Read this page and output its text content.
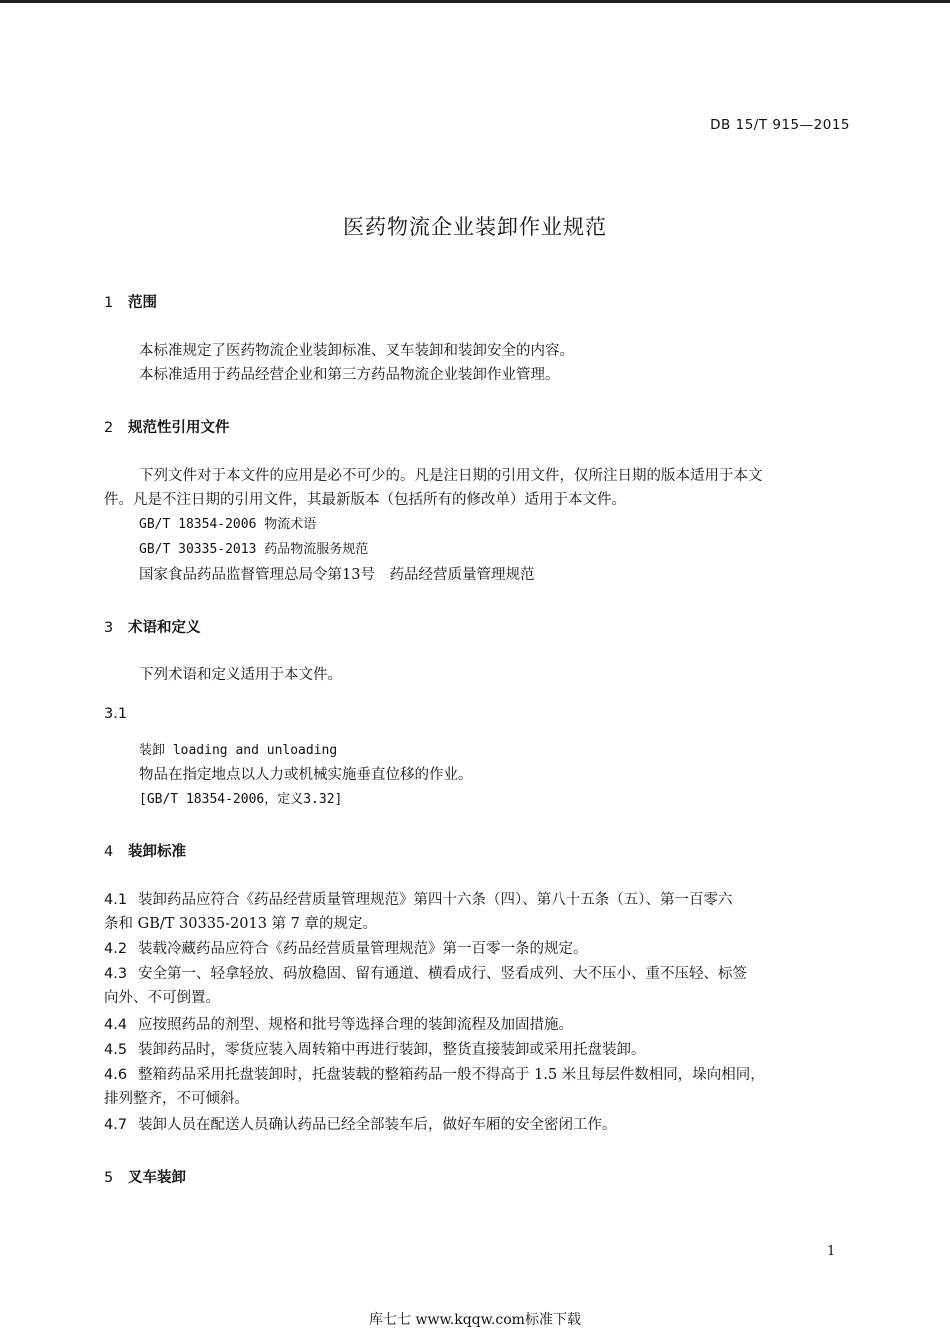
DB 15/T 915—2015
医药物流企业装卸作业规范
1 范围
本标准规定了医药物流企业装卸标准、叉车装卸和装卸安全的内容。
本标准适用于药品经营企业和第三方药品物流企业装卸作业管理。
2 规范性引用文件
下列文件对于本文件的应用是必不可少的。凡是注日期的引用文件，仅所注日期的版本适用于本文
件。凡是不注日期的引用文件，其最新版本（包括所有的修改单）适用于本文件。
GB/T 18354-2006 物流术语
GB/T 30335-2013 药品物流服务规范
国家食品药品监督管理总局令第13号　药品经营质量管理规范
3 术语和定义
下列术语和定义适用于本文件。
3.1
装卸 loading and unloading
物品在指定地点以人力或机械实施垂直位移的作业。
[GB/T 18354-2006，定义3.32]
4 装卸标准
4.1 装卸药品应符合《药品经营质量管理规范》第四十六条（四）、第八十五条（五）、第一百零六
条和 GB/T 30335-2013 第 7 章的规定。
4.2 装载冷藏药品应符合《药品经营质量管理规范》第一百零一条的规定。
4.3 安全第一、轻拿轻放、码放稳固、留有通道、横看成行、竖看成列、大不压小、重不压轻、标签
向外、不可倒置。
4.4 应按照药品的剂型、规格和批号等选择合理的装卸流程及加固措施。
4.5 装卸药品时，零货应装入周转箱中再进行装卸，整货直接装卸或采用托盘装卸。
4.6 整箱药品采用托盘装卸时，托盘装载的整箱药品一般不得高于 1.5 米且每层件数相同，垛向相同，
排列整齐，不可倾斜。
4.7 装卸人员在配送人员确认药品已经全部装车后，做好车厢的安全密闭工作。
5 叉车装卸
1
库七七 www.kqqw.com标准下载
